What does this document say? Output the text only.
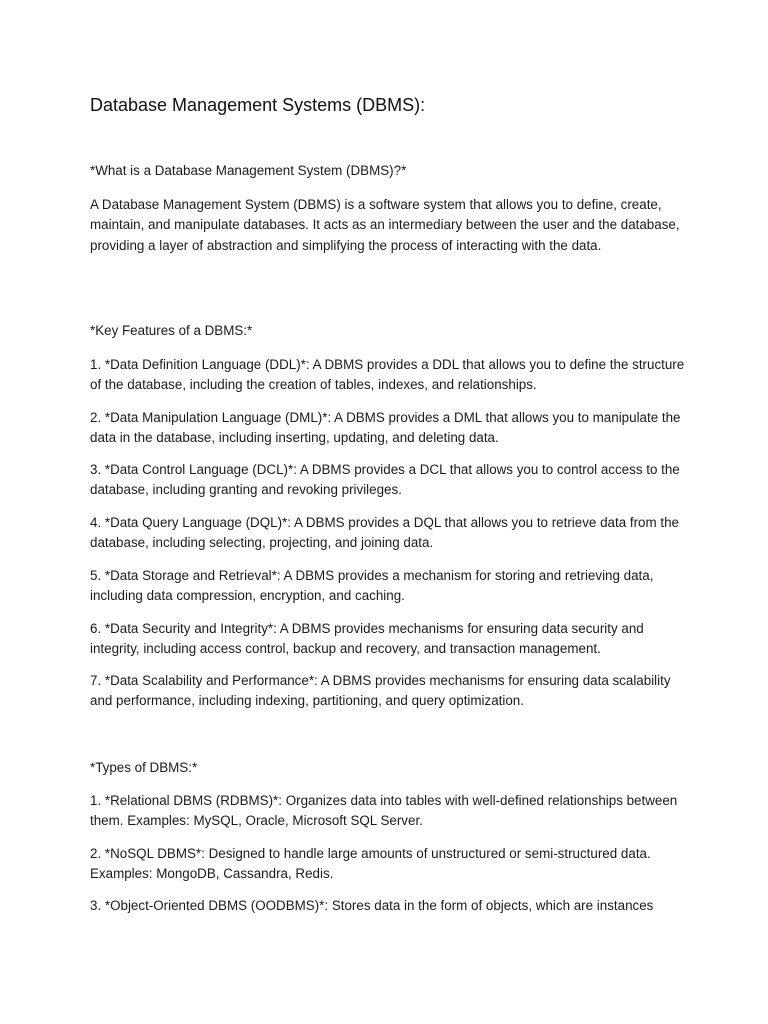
Database Management Systems (DBMS):
*What is a Database Management System (DBMS)?*
A Database Management System (DBMS) is a software system that allows you to define, create, maintain, and manipulate databases. It acts as an intermediary between the user and the database, providing a layer of abstraction and simplifying the process of interacting with the data.
*Key Features of a DBMS:*
1. *Data Definition Language (DDL)*: A DBMS provides a DDL that allows you to define the structure of the database, including the creation of tables, indexes, and relationships.
2. *Data Manipulation Language (DML)*: A DBMS provides a DML that allows you to manipulate the data in the database, including inserting, updating, and deleting data.
3. *Data Control Language (DCL)*: A DBMS provides a DCL that allows you to control access to the database, including granting and revoking privileges.
4. *Data Query Language (DQL)*: A DBMS provides a DQL that allows you to retrieve data from the database, including selecting, projecting, and joining data.
5. *Data Storage and Retrieval*: A DBMS provides a mechanism for storing and retrieving data, including data compression, encryption, and caching.
6. *Data Security and Integrity*: A DBMS provides mechanisms for ensuring data security and integrity, including access control, backup and recovery, and transaction management.
7. *Data Scalability and Performance*: A DBMS provides mechanisms for ensuring data scalability and performance, including indexing, partitioning, and query optimization.
*Types of DBMS:*
1. *Relational DBMS (RDBMS)*: Organizes data into tables with well-defined relationships between them. Examples: MySQL, Oracle, Microsoft SQL Server.
2. *NoSQL DBMS*: Designed to handle large amounts of unstructured or semi-structured data. Examples: MongoDB, Cassandra, Redis.
3. *Object-Oriented DBMS (OODBMS)*: Stores data in the form of objects, which are instances
